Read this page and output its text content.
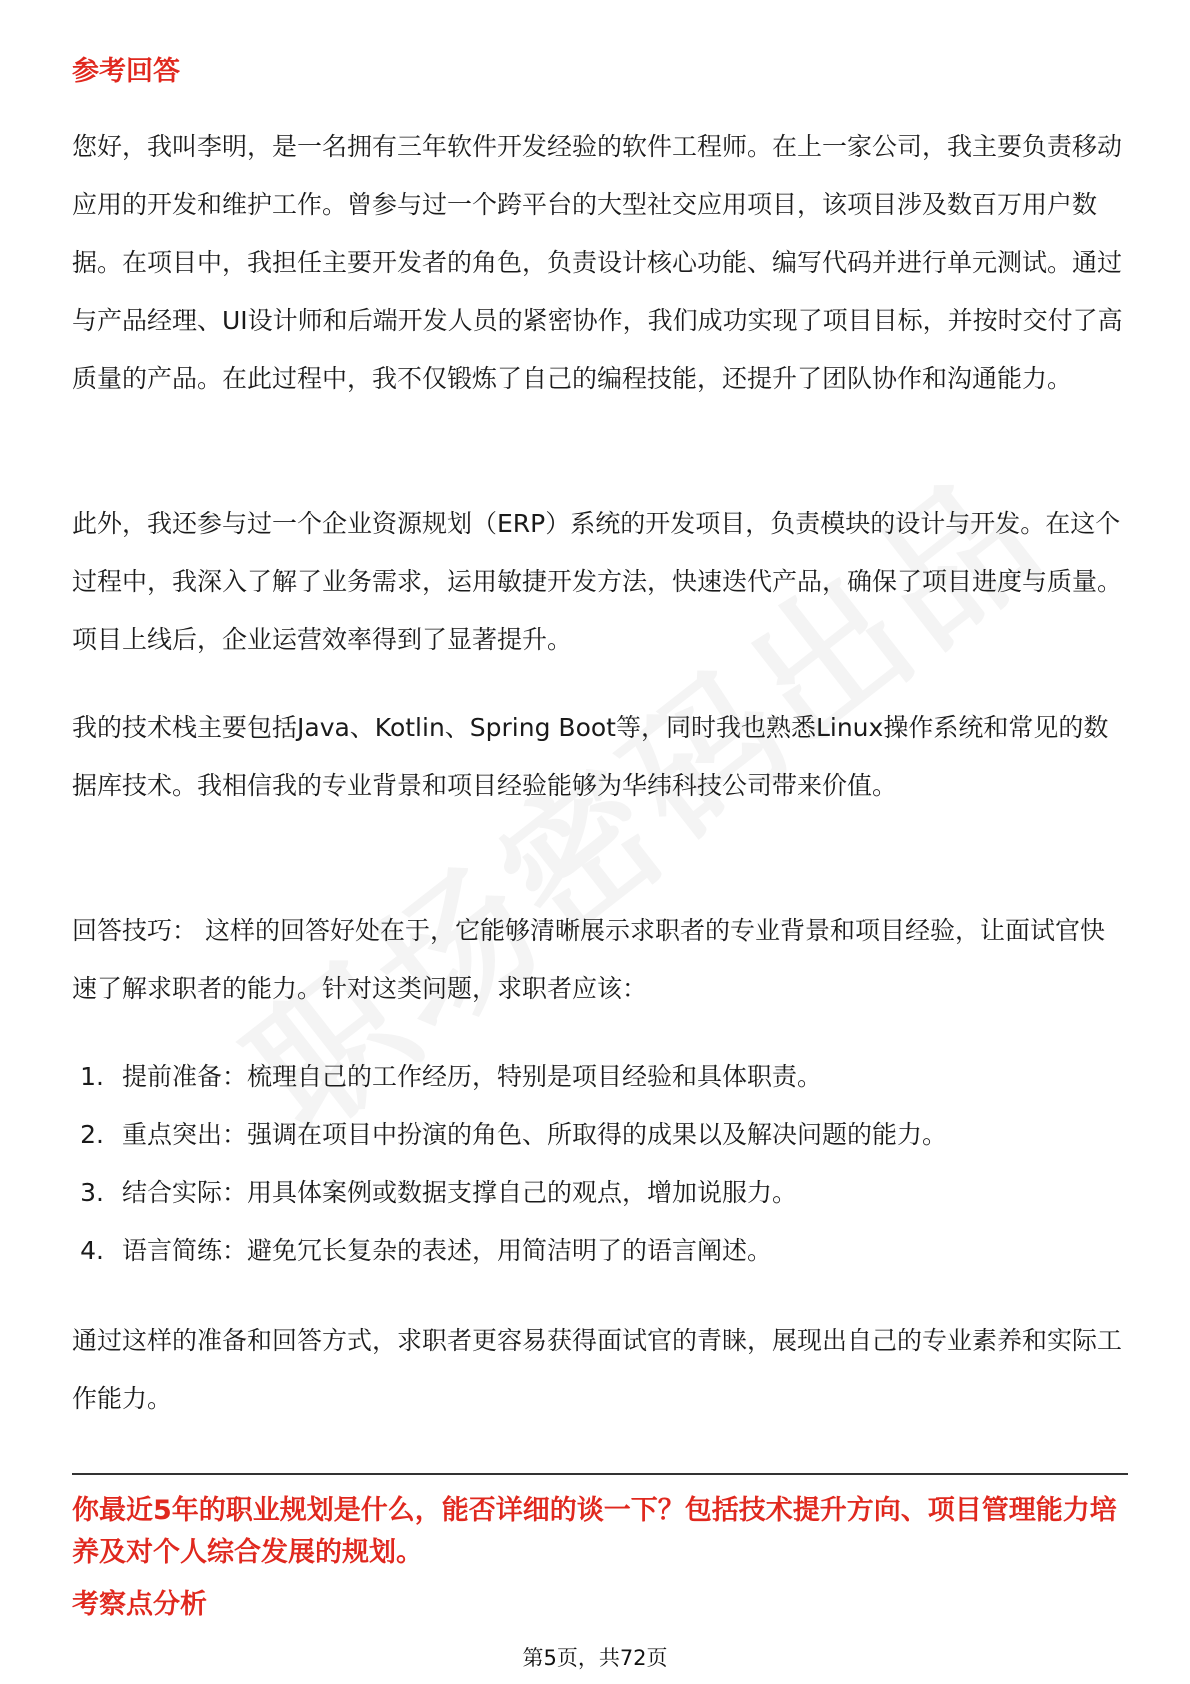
参考回答

您好，我叫李明，是一名拥有三年软件开发经验的软件工程师。在上一家公司，我主要负责移动应用的开发和维护工作。曾参与过一个跨平台的大型社交应用项目，该项目涉及数百万用户数据。在项目中，我担任主要开发者的角色，负责设计核心功能、编写代码并进行单元测试。通过与产品经理、UI设计师和后端开发人员的紧密协作，我们成功实现了项目目标，并按时交付了高质量的产品。在此过程中，我不仅锻炼了自己的编程技能，还提升了团队协作和沟通能力。

此外，我还参与过一个企业资源规划（ERP）系统的开发项目，负责模块的设计与开发。在这个过程中，我深入了解了业务需求，运用敏捷开发方法，快速迭代产品，确保了项目进度与质量。项目上线后，企业运营效率得到了显著提升。

我的技术栈主要包括Java、Kotlin、Spring Boot等，同时我也熟悉Linux操作系统和常见的数据库技术。我相信我的专业背景和项目经验能够为华纬科技公司带来价值。

回答技巧： 这样的回答好处在于，它能够清晰展示求职者的专业背景和项目经验，让面试官快速了解求职者的能力。针对这类问题，求职者应该：

1. 提前准备：梳理自己的工作经历，特别是项目经验和具体职责。
2. 重点突出：强调在项目中扮演的角色、所取得的成果以及解决问题的能力。
3. 结合实际：用具体案例或数据支撑自己的观点，增加说服力。
4. 语言简练：避免冗长复杂的表述，用简洁明了的语言阐述。

通过这样的准备和回答方式，求职者更容易获得面试官的青睐，展现出自己的专业素养和实际工作能力。

你最近5年的职业规划是什么，能否详细的谈一下？包括技术提升方向、项目管理能力培养及对个人综合发展的规划。
考察点分析
第5页，共72页
